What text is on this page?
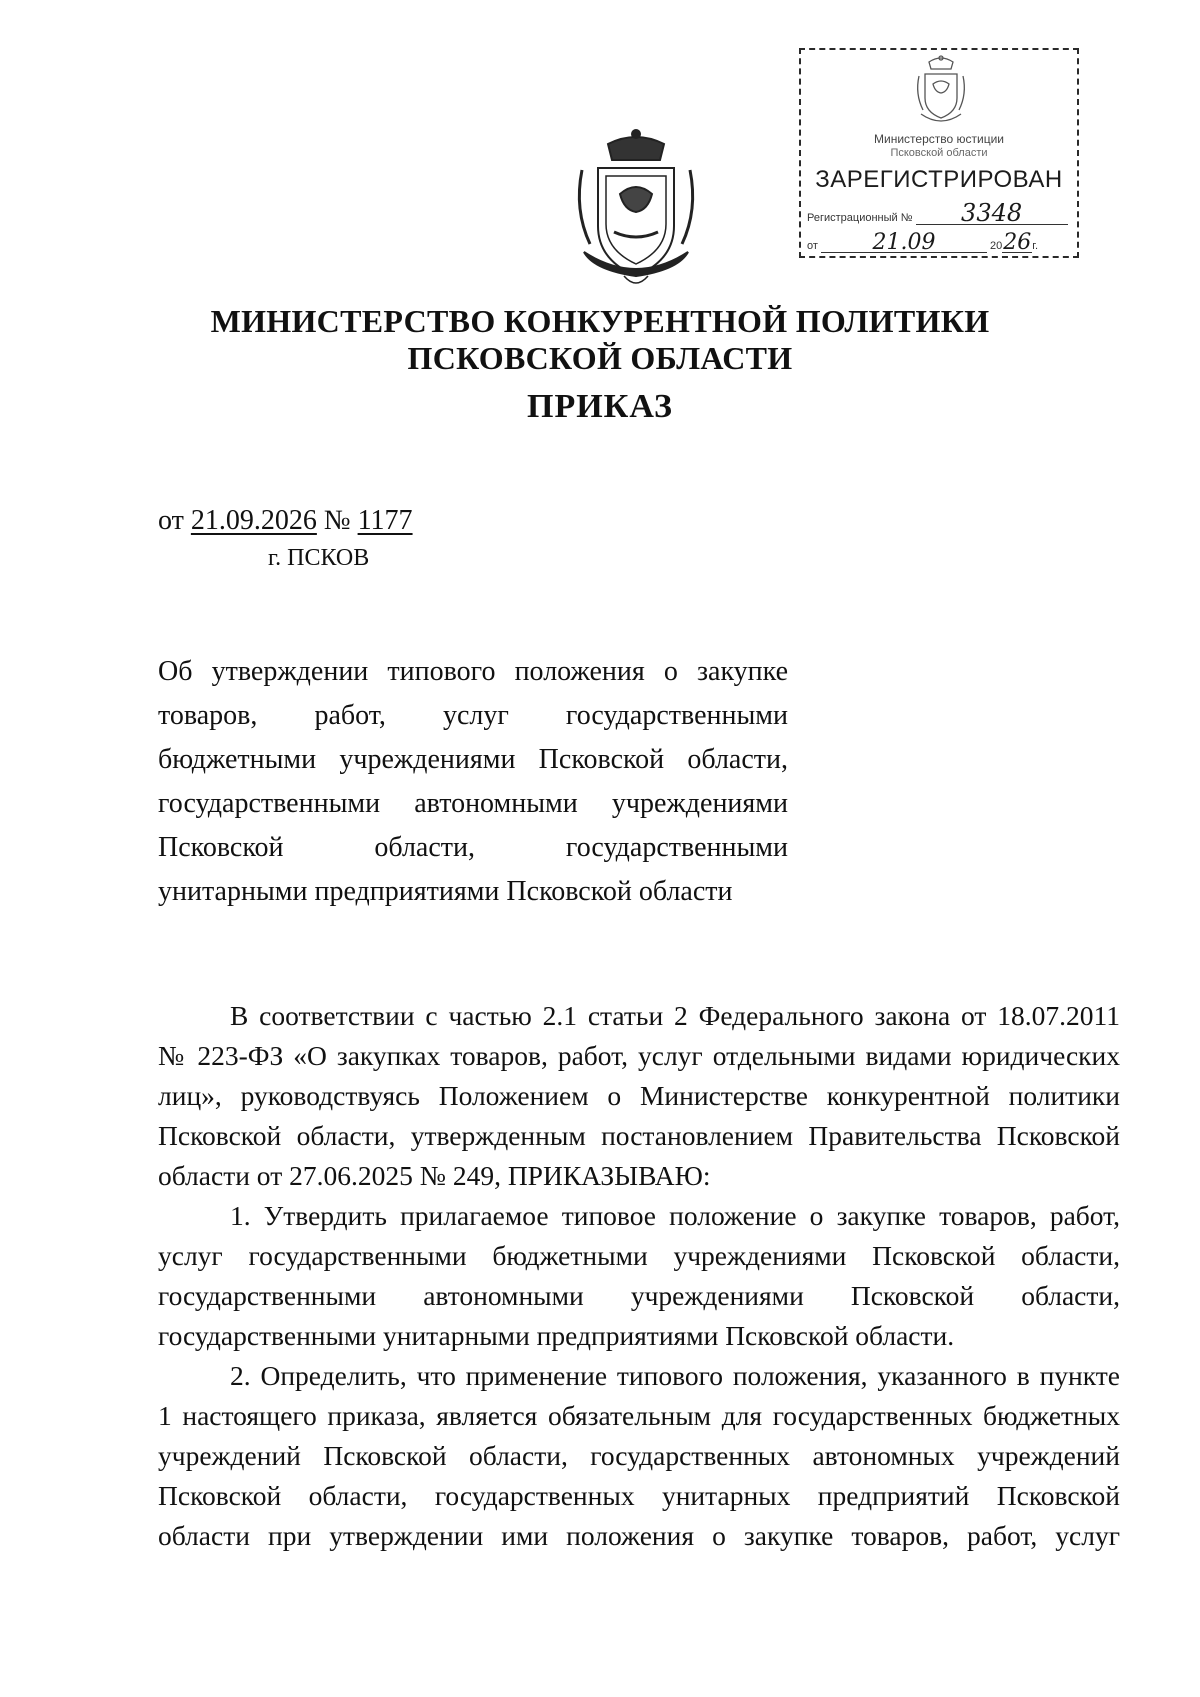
Министерство юстиции
Псковской области
ЗАРЕГИСТРИРОВАН
Регистрационный № 3348
от 21.09	2026г.
МИНИСТЕРСТВО КОНКУРЕНТНОЙ ПОЛИТИКИ
ПСКОВСКОЙ ОБЛАСТИ
ПРИКАЗ
от 21.09.2026 № 1177
г. ПСКОВ
Об утверждении типового положения о закупке
товаров, работ, услуг государственными
бюджетными учреждениями Псковской области,
государственными автономными учреждениями
Псковской области, государственными
унитарными предприятиями Псковской области
В соответствии с частью 2.1 статьи 2 Федерального закона от 18.07.2011
№ 223-ФЗ «О закупках товаров, работ, услуг отдельными видами юридических
лиц», руководствуясь Положением о Министерстве конкурентной политики
Псковской области, утвержденным постановлением Правительства Псковской
области от 27.06.2025 № 249, ПРИКАЗЫВАЮ:
1. Утвердить прилагаемое типовое положение о закупке товаров, работ,
услуг государственными бюджетными учреждениями Псковской области,
государственными автономными учреждениями Псковской области,
государственными унитарными предприятиями Псковской области.
2. Определить, что применение типового положения, указанного в пункте
1 настоящего приказа, является обязательным для государственных бюджетных
учреждений Псковской области, государственных автономных учреждений
Псковской области, государственных унитарных предприятий Псковской
области при утверждении ими положения о закупке товаров, работ, услуг
